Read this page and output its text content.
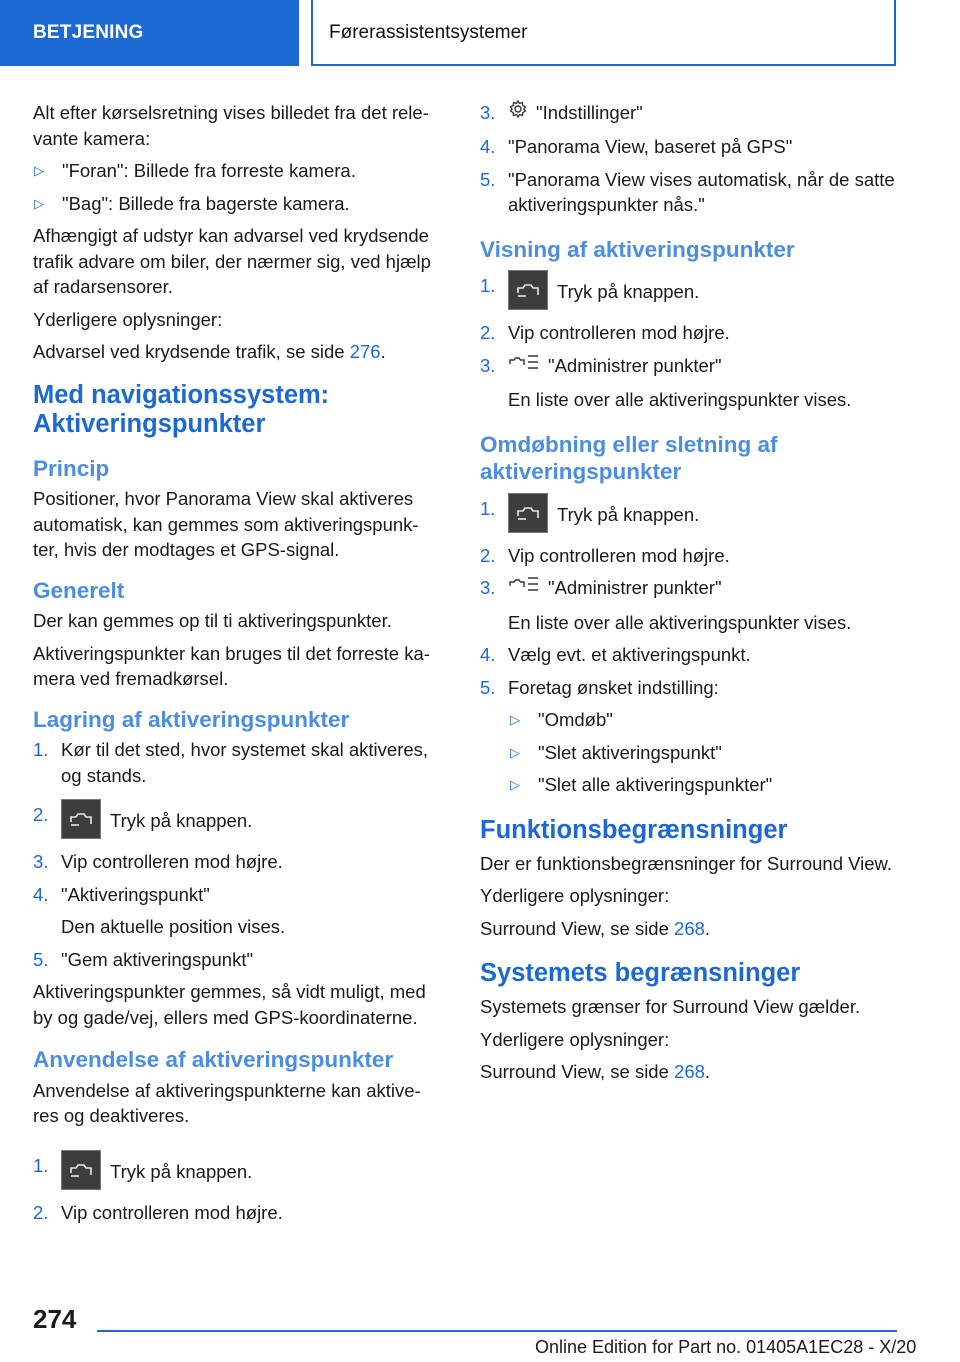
BETJENING	Førerassistentsystemer

Alt efter kørselsretning vises billedet fra det rele-vante kamera:

▷ "Foran": Billede fra forreste kamera.
▷ "Bag": Billede fra bagerste kamera.

Afhængigt af udstyr kan advarsel ved krydsende trafik advare om biler, der nærmer sig, ved hjælp af radarsensorer.

Yderligere oplysninger:

Advarsel ved krydsende trafik, se side 276.

Med navigationssystem: Aktiveringspunkter
Princip

Positioner, hvor Panorama View skal aktiveres automatisk, kan gemmes som aktiveringspunk-ter, hvis der modtages et GPS-signal.

Generelt

Der kan gemmes op til ti aktiveringspunkter.

Aktiveringspunkter kan bruges til det forreste ka-mera ved fremadkørsel.

Lagring af aktiveringspunkter
1. Kør til det sted, hvor systemet skal aktiveres, og stands.
2.	Tryk på knappen.
3. Vip controlleren mod højre.
4. "Aktiveringspunkt"
Den aktuelle position vises.
5. "Gem aktiveringspunkt"

Aktiveringspunkter gemmes, så vidt muligt, med by og gade/vej, ellers med GPS-koordinaterne.

Anvendelse af aktiveringspunkter

Anvendelse af aktiveringspunkterne kan aktive-res og deaktiveres.

1.	Tryk på knappen.
2. Vip controlleren mod højre.
3. "Indstillinger"
4. "Panorama View, baseret på GPS"
5. "Panorama View vises automatisk, når de satte aktiveringspunkter nås."
Visning af aktiveringspunkter
1.	Tryk på knappen.
2. Vip controlleren mod højre.
3.	"Administrer punkter"
En liste over alle aktiveringspunkter vises.
Omdøbning eller sletning af aktiveringspunkter
1.	Tryk på knappen.
2. Vip controlleren mod højre.
3.	"Administrer punkter"
En liste over alle aktiveringspunkter vises.
4. Vælg evt. et aktiveringspunkt.
5. Foretag ønsket indstilling:
▷ "Omdøb"
▷ "Slet aktiveringspunkt"
▷ "Slet alle aktiveringspunkter"
Funktionsbegrænsninger

Der er funktionsbegrænsninger for Surround View.

Yderligere oplysninger:

Surround View, se side 268.

Systemets begrænsninger

Systemets grænser for Surround View gælder.

Yderligere oplysninger:

Surround View, se side 268.

274
Online Edition for Part no. 01405A1EC28 - X/20
